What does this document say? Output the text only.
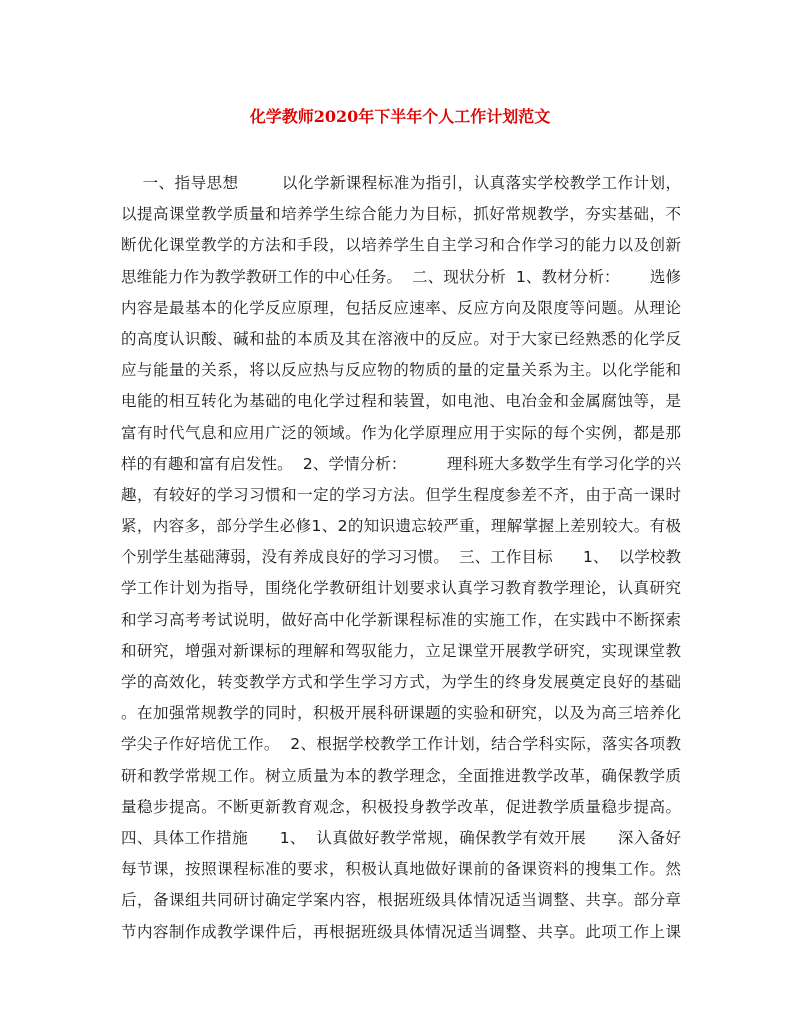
化学教师2020年下半年个人工作计划范文
一、指导思想        以化学新课程标准为指引，认真落实学校教学工作计划，
以提高课堂教学质量和培养学生综合能力为目标，抓好常规教学，夯实基础，不
断优化课堂教学的方法和手段，以培养学生自主学习和合作学习的能力以及创新
思维能力作为教学教研工作的中心任务。  二、现状分析  1、教材分析：      选修
内容是最基本的化学反应原理，包括反应速率、反应方向及限度等问题。从理论
的高度认识酸、碱和盐的本质及其在溶液中的反应。对于大家已经熟悉的化学反
应与能量的关系，将以反应热与反应物的物质的量的定量关系为主。以化学能和
电能的相互转化为基础的电化学过程和装置，如电池、电冶金和金属腐蚀等，是
富有时代气息和应用广泛的领域。作为化学原理应用于实际的每个实例，都是那
样的有趣和富有启发性。  2、学情分析：        理科班大多数学生有学习化学的兴
趣，有较好的学习习惯和一定的学习方法。但学生程度参差不齐，由于高一课时
紧，内容多，部分学生必修1、2的知识遗忘较严重，理解掌握上差别较大。有极
个别学生基础薄弱，没有养成良好的学习习惯。  三、工作目标      1、  以学校教
学工作计划为指导，围绕化学教研组计划要求认真学习教育教学理论，认真研究
和学习高考考试说明，做好高中化学新课程标准的实施工作，在实践中不断探索
和研究，增强对新课标的理解和驾驭能力，立足课堂开展教学研究，实现课堂教
学的高效化，转变教学方式和学生学习方式，为学生的终身发展奠定良好的基础
。在加强常规教学的同时，积极开展科研课题的实验和研究，以及为高三培养化
学尖子作好培优工作。  2、根据学校教学工作计划，结合学科实际，落实各项教
研和教学常规工作。树立质量为本的教学理念，全面推进教学改革，确保教学质
量稳步提高。不断更新教育观念，积极投身教学改革，促进教学质量稳步提高。
四、具体工作措施      1、  认真做好教学常规，确保教学有效开展      深入备好
每节课，按照课程标准的要求，积极认真地做好课前的备课资料的搜集工作。然
后，备课组共同研讨确定学案内容，根据班级具体情况适当调整、共享。部分章
节内容制作成教学课件后，再根据班级具体情况适当调整、共享。此项工作上课
